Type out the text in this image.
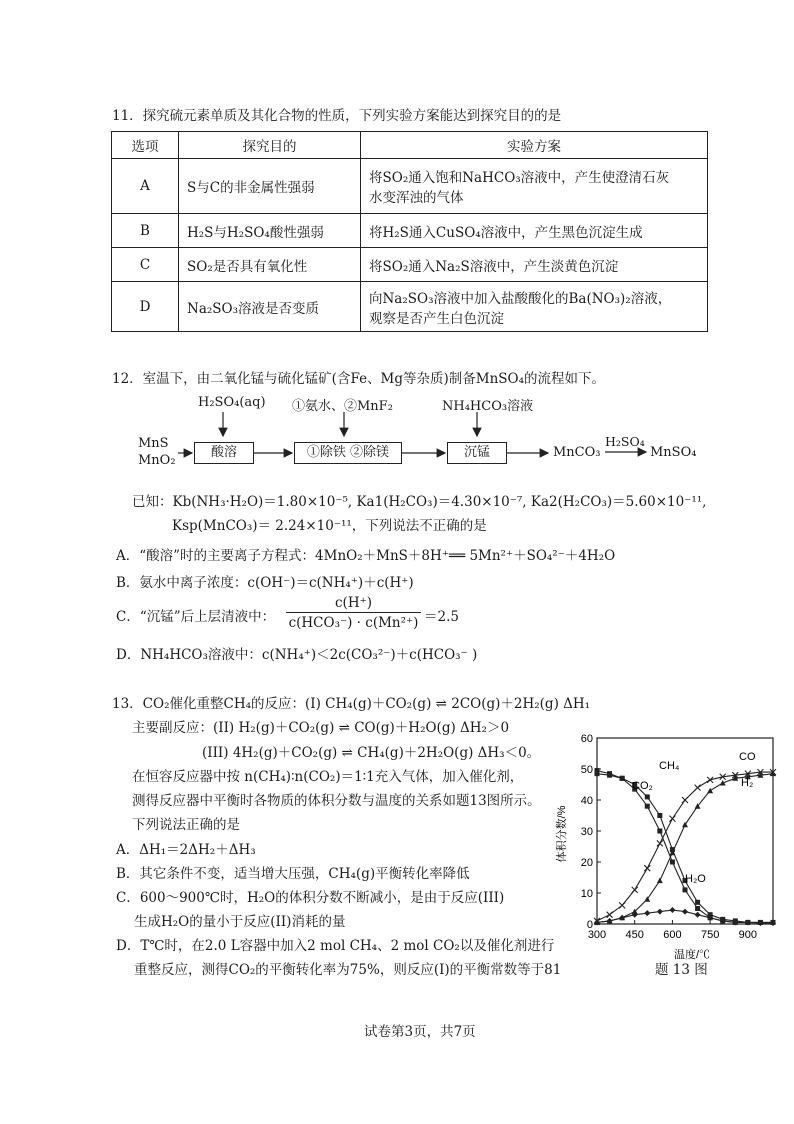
11．探究硫元素单质及其化合物的性质，下列实验方案能达到探究目的的是
选项	探究目的	实验方案
A	S与C的非金属性强弱	将SO₂通入饱和NaHCO₃溶液中，产生使澄清石灰
水变浑浊的气体

B	H₂S与H₂SO₄酸性强弱	将H₂S通入CuSO₄溶液中，产生黑色沉淀生成

C	SO₂是否具有氧化性	将SO₂通入Na₂S溶液中，产生淡黄色沉淀

D	Na₂SO₃溶液是否变质	向Na₂SO₃溶液中加入盐酸酸化的Ba(NO₃)₂溶液，
观察是否产生白色沉淀
12．室温下，由二氧化锰与硫化锰矿(含Fe、Mg等杂质)制备MnSO₄的流程如下。
H₂SO₄(aq) ①氨水、②MnF₂	NH₄HCO₃溶液
MnS
MnO₂
酸溶	①除铁 ②除镁	沉锰	MnCO₃
H₂SO₄
MnSO₄
已知：Kb(NH₃·H₂O)＝1.80×10⁻⁵, Ka1(H₂CO₃)＝4.30×10⁻⁷, Ka2(H₂CO₃)＝5.60×10⁻¹¹,
Ksp(MnCO₃)＝ 2.24×10⁻¹¹，下列说法不正确的是
A．“酸溶”时的主要离子方程式：4MnO₂＋MnS＋8H⁺══ 5Mn²⁺＋SO₄²⁻＋4H₂O
B．氨水中离子浓度：c(OH⁻)＝c(NH₄⁺)＋c(H⁺)
C．“沉锰”后上层清液中：
c(H⁺)
c(HCO₃⁻) · c(Mn²⁺) ＝2.5
D．NH₄HCO₃溶液中：c(NH₄⁺)＜2c(CO₃²⁻)＋c(HCO₃⁻ )
13．CO₂催化重整CH₄的反应：(I) CH₄(g)＋CO₂(g) ⇌ 2CO(g)＋2H₂(g) ΔH₁
主要副反应：(II) H₂(g)＋CO₂(g) ⇌ CO(g)＋H₂O(g) ΔH₂＞0
(III) 4H₂(g)＋CO₂(g) ⇌ CH₄(g)＋2H₂O(g) ΔH₃＜0。
在恒容反应器中按 n(CH₄)∶n(CO₂)＝1∶1充入气体，加入催化剂，
测得反应器中平衡时各物质的体积分数与温度的关系如题13图所示。
下列说法正确的是
A．ΔH₁＝2ΔH₂＋ΔH₃
B．其它条件不变，适当增大压强，CH₄(g)平衡转化率降低
C．600～900℃时，H₂O的体积分数不断减小，是由于反应(III)
生成H₂O的量小于反应(II)消耗的量
D．T℃时，在2.0 L容器中加入2 mol CH₄、2 mol CO₂以及催化剂进行
重整反应，测得CO₂的平衡转化率为75%，则反应(I)的平衡常数等于81
0
10
20
30
40
50
60
300 450 600 750 900
体积分数/%
温度/℃
CH₄
CO₂
CO
H₂
H₂O
题 13 图
试卷第3页，共7页
